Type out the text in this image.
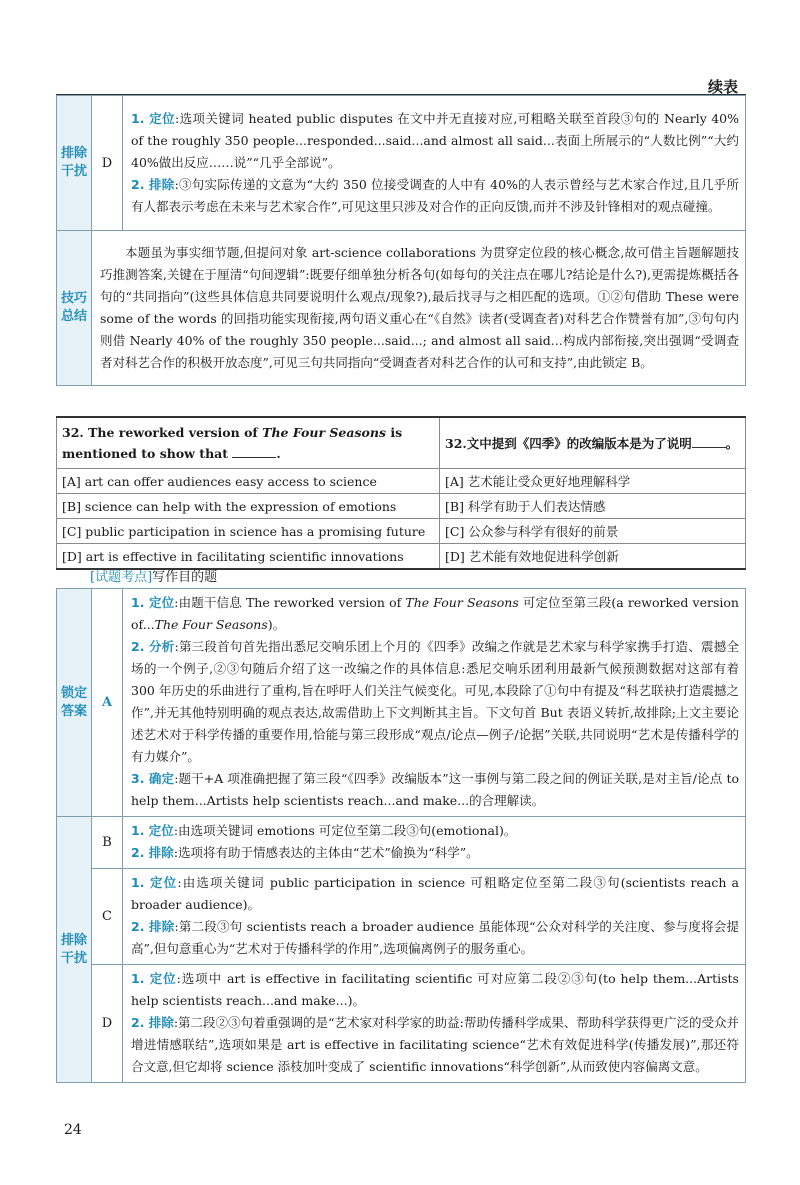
续表
排除干扰	D	1. 定位:选项关键词 heated public disputes 在文中并无直接对应,可粗略关联至首段③句的 Nearly 40% of the roughly 350 people...responded...said...and almost all said...表面上所展示的“人数比例”“大约 40%做出反应……说”“几乎全部说”。
2. 排除:③句实际传递的文意为“大约 350 位接受调查的人中有 40%的人表示曾经与艺术家合作过,且几乎所有人都表示考虑在未来与艺术家合作”,可见这里只涉及对合作的正向反馈,而并不涉及针锋相对的观点碰撞。

技巧总结	本题虽为事实细节题,但提问对象 art-science collaborations 为贯穿定位段的核心概念,故可借主旨题解题技巧推测答案,关键在于厘清“句间逻辑”:既要仔细单独分析各句(如每句的关注点在哪儿?结论是什么?),更需提炼概括各句的“共同指向”(这些具体信息共同要说明什么观点/现象?),最后找寻与之相匹配的选项。①②句借助 These were some of the words 的回指功能实现衔接,两句语义重心在“《自然》读者(受调查者)对科艺合作赞誉有加”,③句句内则借 Nearly 40% of the roughly 350 people...said...; and almost all said...构成内部衔接,突出强调“受调查者对科艺合作的积极开放态度”,可见三句共同指向“受调查者对科艺合作的认可和支持”,由此锁定 B。	
32. The reworked version of The Four Seasons is mentioned to show that .	32.文中提到《四季》的改编版本是为了说明 。
[A] art can offer audiences easy access to science	[A] 艺术能让受众更好地理解科学
[B] science can help with the expression of emotions	[B] 科学有助于人们表达情感
[C] public participation in science has a promising future	[C] 公众参与科学有很好的前景
[D] art is effective in facilitating scientific innovations	[D] 艺术能有效地促进科学创新
[试题考点]写作目的题
锁定答案	A	1. 定位:由题干信息 The reworked version of The Four Seasons 可定位至第三段(a reworked version of...The Four Seasons)。
2. 分析:第三段首句首先指出悉尼交响乐团上个月的《四季》改编之作就是艺术家与科学家携手打造、震撼全场的一个例子,②③句随后介绍了这一改编之作的具体信息:悉尼交响乐团利用最新气候预测数据对这部有着 300 年历史的乐曲进行了重构,旨在呼吁人们关注气候变化。可见,本段除了①句中有提及“科艺联袂打造震撼之作”,并无其他特别明确的观点表达,故需借助上下文判断其主旨。下文句首 But 表语义转折,故排除;上文主要论述艺术对于科学传播的重要作用,恰能与第三段形成“观点/论点—例子/论据”关联,共同说明“艺术是传播科学的有力媒介”。
3. 确定:题干+A 项准确把握了第三段“《四季》改编版本”这一事例与第二段之间的例证关联,是对主旨/论点 to help them...Artists help scientists reach...and make...的合理解读。

排除干扰	B	1. 定位:由选项关键词 emotions 可定位至第二段③句(emotional)。
2. 排除:选项将有助于情感表达的主体由“艺术”偷换为“科学”。

	C	1. 定位:由选项关键词 public participation in science 可粗略定位至第二段③句(scientists reach a broader audience)。
2. 排除:第二段③句 scientists reach a broader audience 虽能体现“公众对科学的关注度、参与度将会提高”,但句意重心为“艺术对于传播科学的作用”,选项偏离例子的服务重心。

	D	1. 定位:选项中 art is effective in facilitating scientific 可对应第二段②③句(to help them...Artists help scientists reach...and make...)。
2. 排除:第二段②③句着重强调的是“艺术家对科学家的助益:帮助传播科学成果、帮助科学获得更广泛的受众并增进情感联结”,选项如果是 art is effective in facilitating science“艺术有效促进科学(传播发展)”,那还符合文意,但它却将 science 添枝加叶变成了 scientific innovations“科学创新”,从而致使内容偏离文意。
24
